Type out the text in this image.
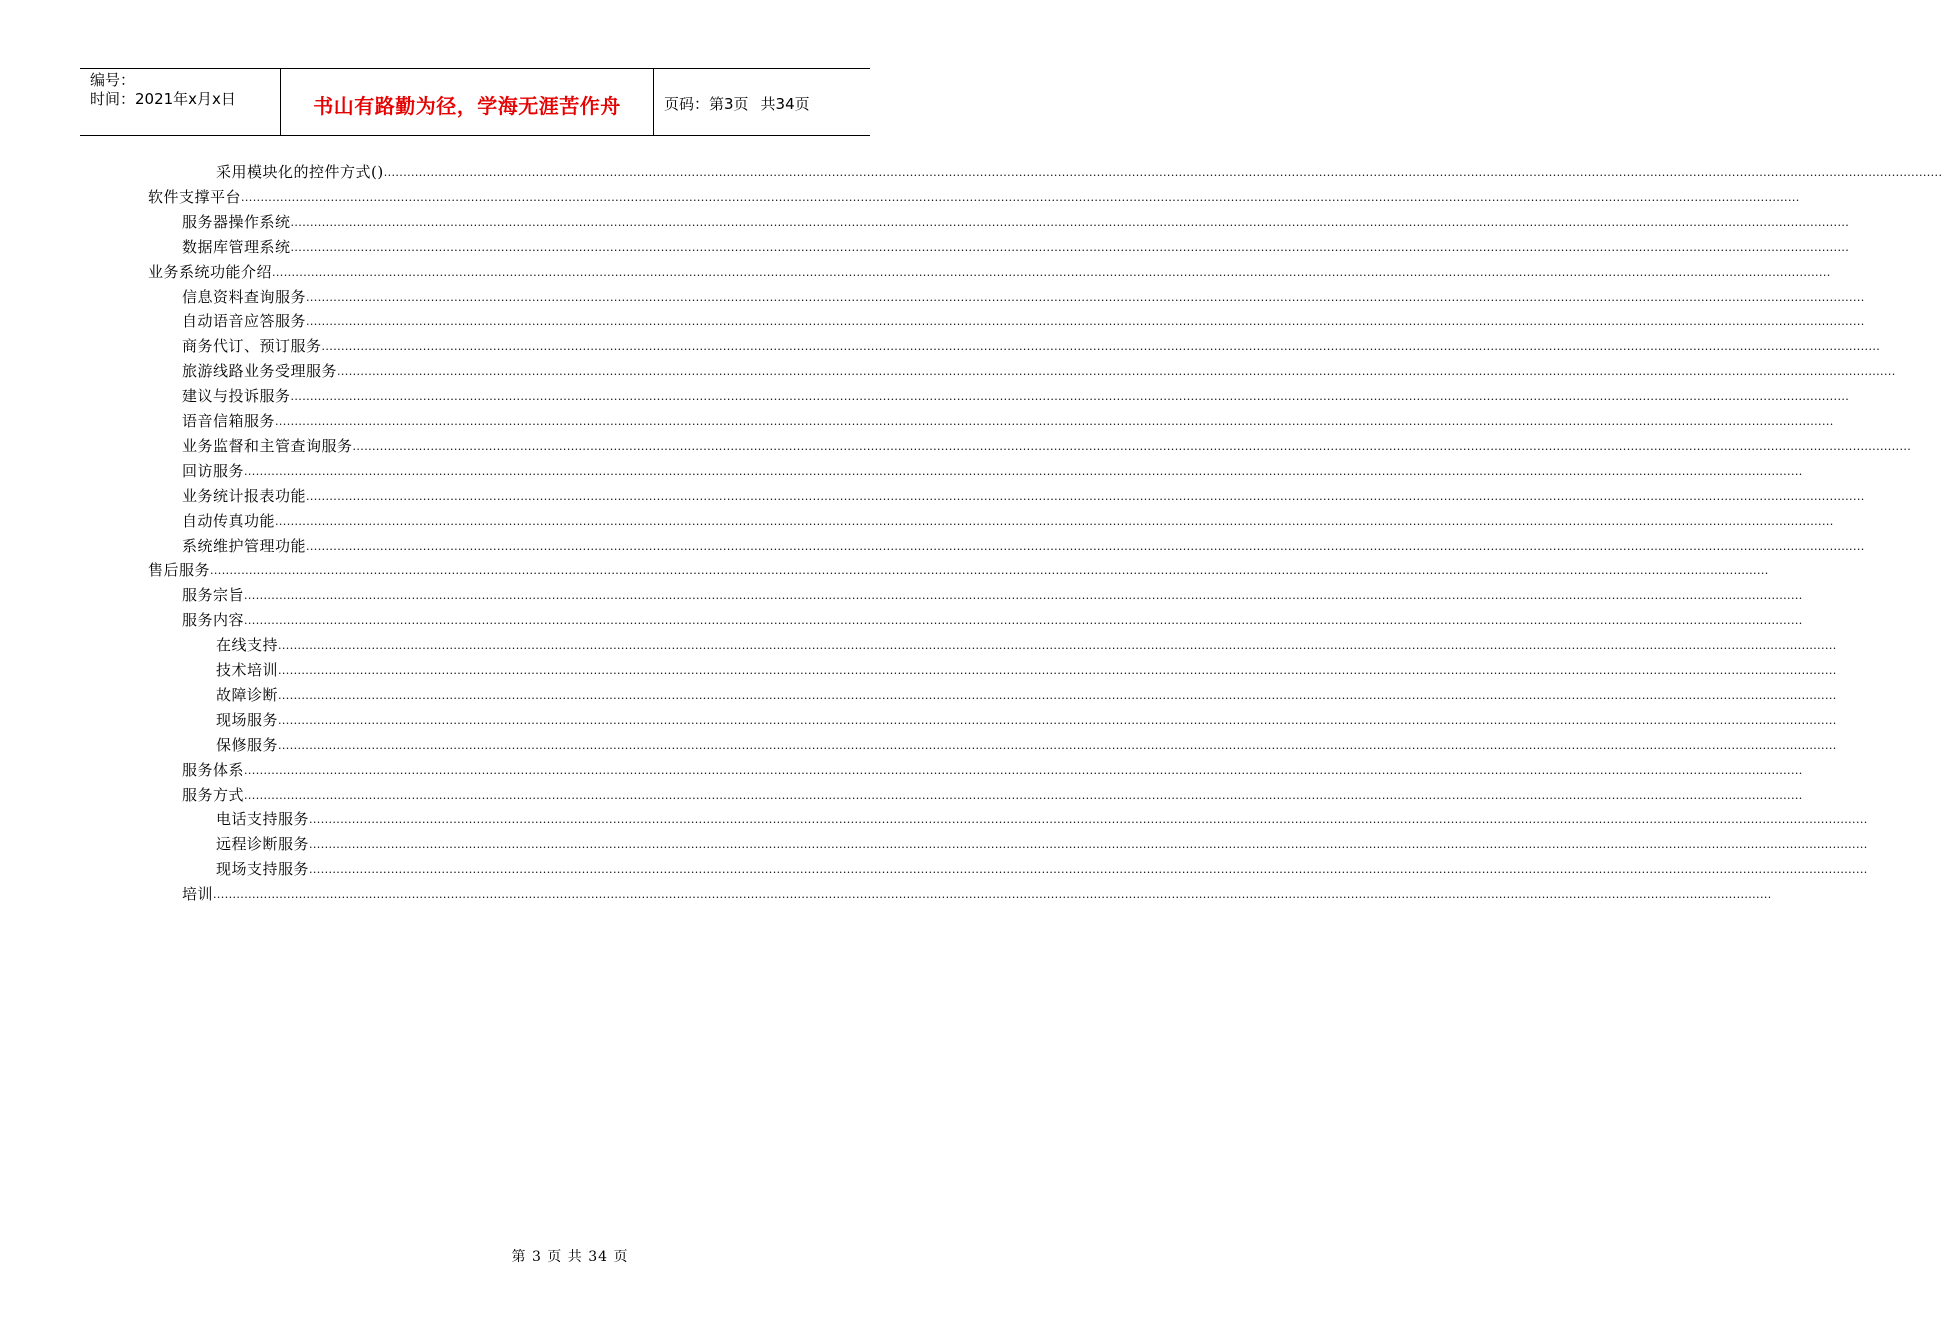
编号：
时间：2021年x月x日	书山有路勤为径，学海无涯苦作舟	页码：第3页 共34页
采用模块化的控件方式() ................................................................................................................................................................................................................................................................................................................................................................................................................
软件支撑平台 ................................................................................................................................................................................................................................................................................................................................................................................................................
服务器操作系统 ................................................................................................................................................................................................................................................................................................................................................................................................................
数据库管理系统 ................................................................................................................................................................................................................................................................................................................................................................................................................
业务系统功能介绍 ................................................................................................................................................................................................................................................................................................................................................................................................................
信息资料查询服务 ................................................................................................................................................................................................................................................................................................................................................................................................................
自动语音应答服务 ................................................................................................................................................................................................................................................................................................................................................................................................................
商务代订、预订服务 ................................................................................................................................................................................................................................................................................................................................................................................................................
旅游线路业务受理服务 ................................................................................................................................................................................................................................................................................................................................................................................................................
建议与投诉服务 ................................................................................................................................................................................................................................................................................................................................................................................................................
语音信箱服务 ................................................................................................................................................................................................................................................................................................................................................................................................................
业务监督和主管查询服务 ................................................................................................................................................................................................................................................................................................................................................................................................................
回访服务 ................................................................................................................................................................................................................................................................................................................................................................................................................
业务统计报表功能 ................................................................................................................................................................................................................................................................................................................................................................................................................
自动传真功能 ................................................................................................................................................................................................................................................................................................................................................................................................................
系统维护管理功能 ................................................................................................................................................................................................................................................................................................................................................................................................................
售后服务 ................................................................................................................................................................................................................................................................................................................................................................................................................
服务宗旨 ................................................................................................................................................................................................................................................................................................................................................................................................................
服务内容 ................................................................................................................................................................................................................................................................................................................................................................................................................
在线支持 ................................................................................................................................................................................................................................................................................................................................................................................................................
技术培训 ................................................................................................................................................................................................................................................................................................................................................................................................................
故障诊断 ................................................................................................................................................................................................................................................................................................................................................................................................................
现场服务 ................................................................................................................................................................................................................................................................................................................................................................................................................
保修服务 ................................................................................................................................................................................................................................................................................................................................................................................................................
服务体系 ................................................................................................................................................................................................................................................................................................................................................................................................................
服务方式 ................................................................................................................................................................................................................................................................................................................................................................................................................
电话支持服务 ................................................................................................................................................................................................................................................................................................................................................................................................................
远程诊断服务 ................................................................................................................................................................................................................................................................................................................................................................................................................
现场支持服务 ................................................................................................................................................................................................................................................................................................................................................................................................................
培训 ................................................................................................................................................................................................................................................................................................................................................................................................................
第 3 页 共 34 页
